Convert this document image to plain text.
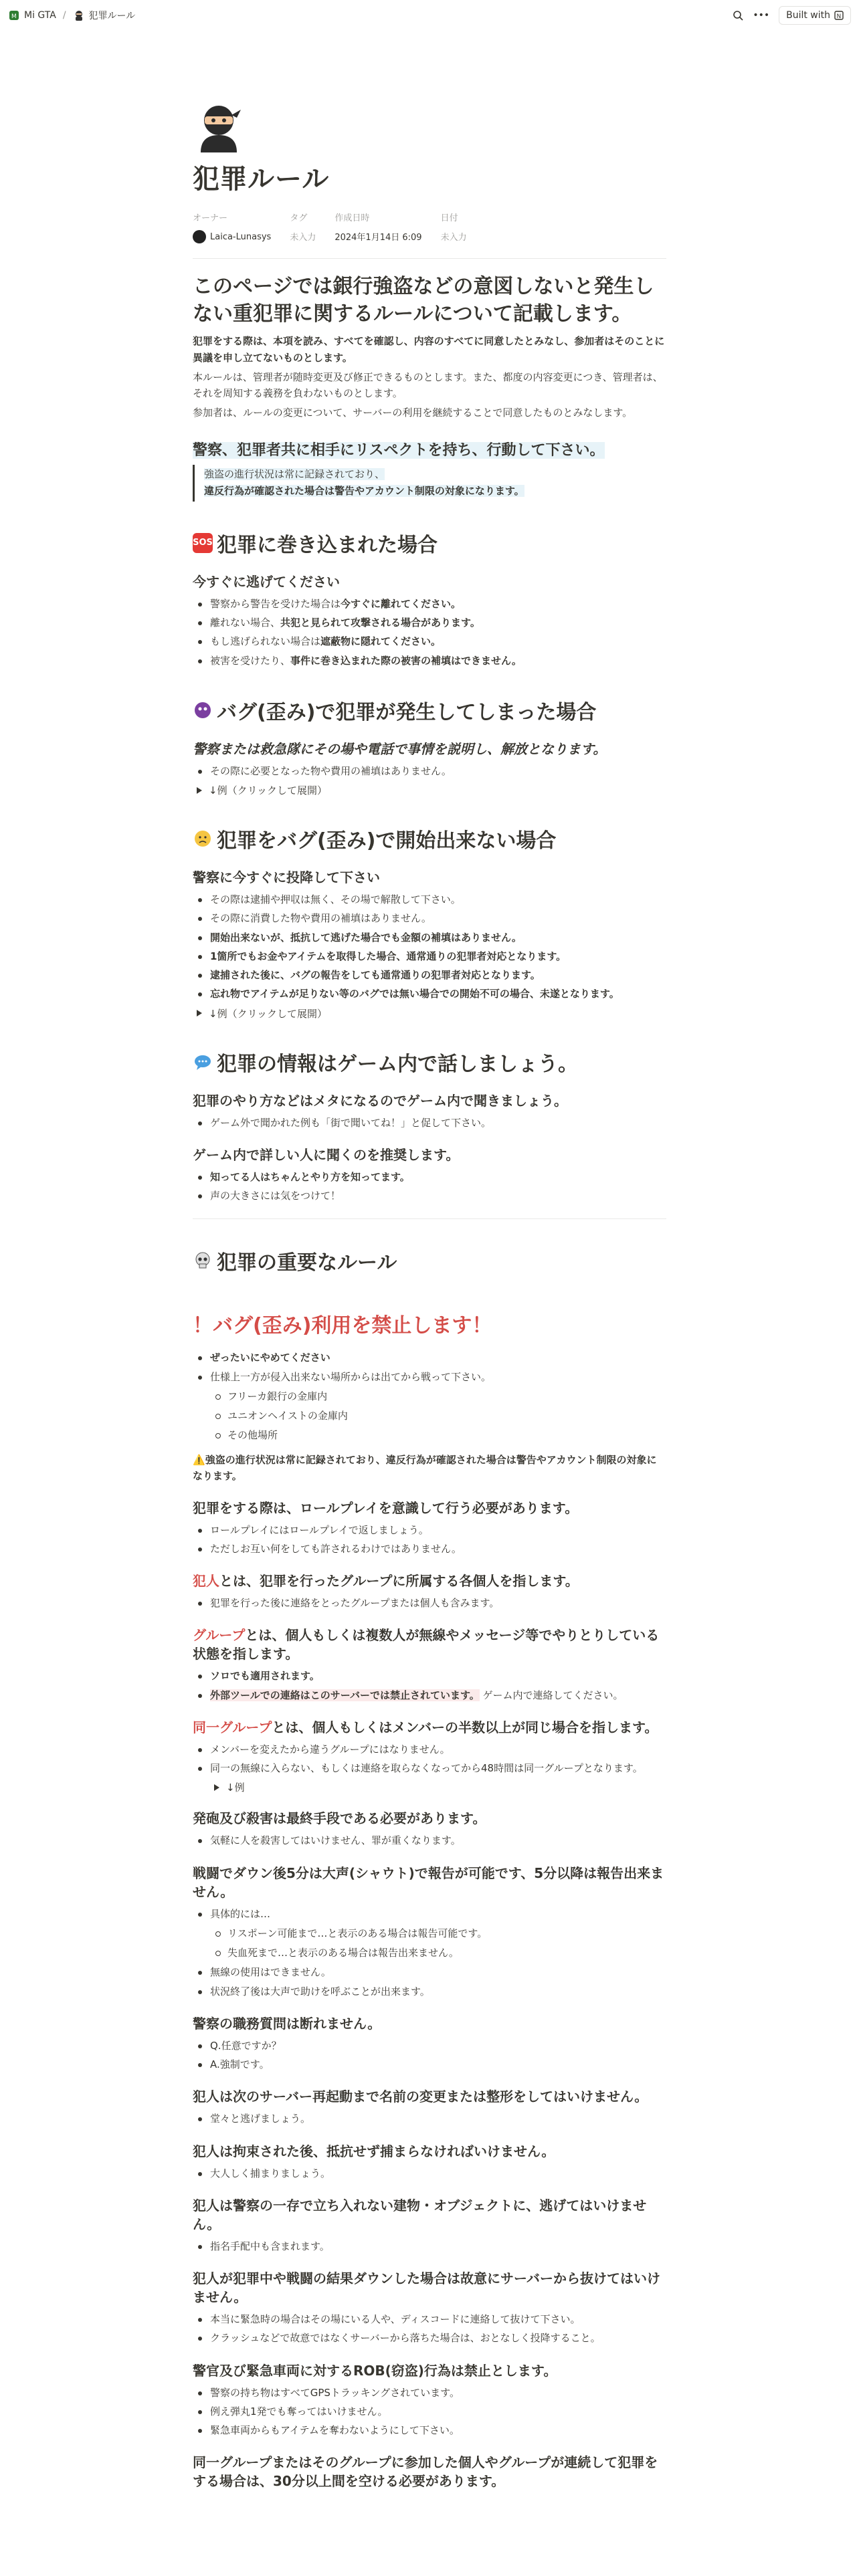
M Mi GTA / 犯罪ルール	••• Built with N
犯罪ルール
オーナー
Laica-Lunasys
タグ
未入力
作成日時
2024年1月14日 6:09
日付
未入力
このページでは銀行強盗などの意図しないと発生しない重犯罪に関するルールについて記載します。

犯罪をする際は、本項を読み、すべてを確認し、内容のすべてに同意したとみなし、参加者はそのことに異議を申し立てないものとします。

本ルールは、管理者が随時変更及び修正できるものとします。また、都度の内容変更につき、管理者は、それを周知する義務を負わないものとします。

参加者は、ルールの変更について、サーバーの利用を継続することで同意したものとみなします。

警察、犯罪者共に相手にリスペクトを持ち、行動して下さい。
強盗の進行状況は常に記録されており、
違反行為が確認された場合は警告やアカウント制限の対象になります。
SOS 犯罪に巻き込まれた場合
今すぐに逃げてください
警察から警告を受けた場合は今すぐに離れてください。
離れない場合、共犯と見られて攻撃される場合があります。
もし逃げられない場合は遮蔽物に隠れてください。
被害を受けたり、事件に巻き込まれた際の被害の補填はできません。
バグ(歪み)で犯罪が発生してしまった場合
警察または救急隊にその場や電話で事情を説明し、解放となります。
その際に必要となった物や費用の補填はありません。
↓例（クリックして展開）
犯罪をバグ(歪み)で開始出来ない場合
警察に今すぐに投降して下さい
その際は逮捕や押収は無く、その場で解散して下さい。
その際に消費した物や費用の補填はありません。
開始出来ないが、抵抗して逃げた場合でも金額の補填はありません。
1箇所でもお金やアイテムを取得した場合、通常通りの犯罪者対応となります。
逮捕された後に、バグの報告をしても通常通りの犯罪者対応となります。
忘れ物でアイテムが足りない等のバグでは無い場合での開始不可の場合、未遂となります。
↓例（クリックして展開）
犯罪の情報はゲーム内で話しましょう。
犯罪のやり方などはメタになるのでゲーム内で聞きましょう。
ゲーム外で聞かれた例も「街で聞いてね！」と促して下さい。
ゲーム内で詳しい人に聞くのを推奨します。
知ってる人はちゃんとやり方を知ってます。
声の大きさには気をつけて！
犯罪の重要なルール
！バグ(歪み)利用を禁止します！
ぜったいにやめてください
仕様上一方が侵入出来ない場所からは出てから戦って下さい。
フリーカ銀行の金庫内
ユニオンヘイストの金庫内
その他場所
⚠️強盗の進行状況は常に記録されており、違反行為が確認された場合は警告やアカウント制限の対象になります。
犯罪をする際は、ロールプレイを意識して行う必要があります。
ロールプレイにはロールプレイで返しましょう。
ただしお互い何をしても許されるわけではありません。
犯人とは、犯罪を行ったグループに所属する各個人を指します。
犯罪を行った後に連絡をとったグループまたは個人も含みます。
グループとは、個人もしくは複数人が無線やメッセージ等でやりとりしている状態を指します。
ソロでも適用されます。
外部ツールでの連絡はこのサーバーでは禁止されています。 ゲーム内で連絡してください。
同一グループとは、個人もしくはメンバーの半数以上が同じ場合を指します。
メンバーを変えたから違うグループにはなりません。
同一の無線に入らない、もしくは連絡を取らなくなってから48時間は同一グループとなります。
↓例
発砲及び殺害は最終手段である必要があります。
気軽に人を殺害してはいけません、罪が重くなります。
戦闘でダウン後5分は大声(シャウト)で報告が可能です、5分以降は報告出来ません。
具体的には…
リスポーン可能まで…と表示のある場合は報告可能です。
失血死まで…と表示のある場合は報告出来ません。
無線の使用はできません。
状況終了後は大声で助けを呼ぶことが出来ます。
警察の職務質問は断れません。
Q.任意ですか？
A.強制です。
犯人は次のサーバー再起動まで名前の変更または整形をしてはいけません。
堂々と逃げましょう。
犯人は拘束された後、抵抗せず捕まらなければいけません。
大人しく捕まりましょう。
犯人は警察の一存で立ち入れない建物・オブジェクトに、逃げてはいけません。
指名手配中も含まれます。
犯人が犯罪中や戦闘の結果ダウンした場合は故意にサーバーから抜けてはいけません。
本当に緊急時の場合はその場にいる人や、ディスコードに連絡して抜けて下さい。
クラッシュなどで故意ではなくサーバーから落ちた場合は、おとなしく投降すること。
警官及び緊急車両に対するROB(窃盗)行為は禁止とします。
警察の持ち物はすべてGPSトラッキングされています。
例え弾丸1発でも奪ってはいけません。
緊急車両からもアイテムを奪わないようにして下さい。
同一グループまたはそのグループに参加した個人やグループが連続して犯罪をする場合は、30分以上間を空ける必要があります。
